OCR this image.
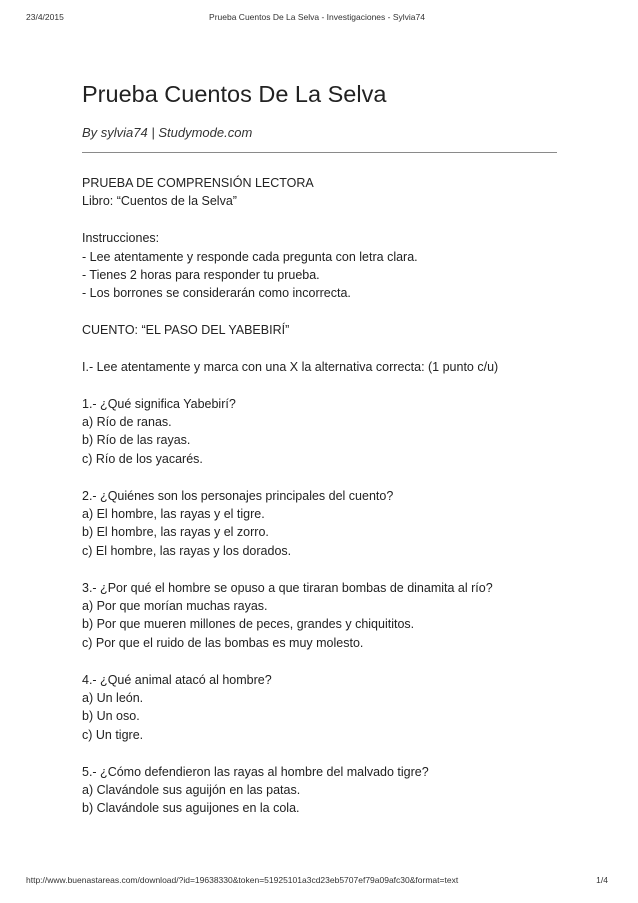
23/4/2015	Prueba Cuentos De La Selva - Investigaciones - Sylvia74
Prueba Cuentos De La Selva
By sylvia74 | Studymode.com
PRUEBA DE COMPRENSIÓN LECTORA
Libro: “Cuentos de la Selva”
Instrucciones:
- Lee atentamente y responde cada pregunta con letra clara.
- Tienes 2 horas para responder tu prueba.
- Los borrones se considerarán como incorrecta.
CUENTO: “EL PASO DEL YABEBIRÍ”
I.- Lee atentamente y marca con una X la alternativa correcta: (1 punto c/u)
1.- ¿Qué significa Yabebirí?
a) Río de ranas.
b) Río de las rayas.
c) Río de los yacarés.
2.- ¿Quiénes son los personajes principales del cuento?
a) El hombre, las rayas y el tigre.
b) El hombre, las rayas y el zorro.
c) El hombre, las rayas y los dorados.
3.- ¿Por qué el hombre se opuso a que tiraran bombas de dinamita al río?
a) Por que morían muchas rayas.
b) Por que mueren millones de peces, grandes y chiquititos.
c) Por que el ruido de las bombas es muy molesto.
4.- ¿Qué animal atacó al hombre?
a) Un león.
b) Un oso.
c) Un tigre.
5.- ¿Cómo defendieron las rayas al hombre del malvado tigre?
a) Clavándole sus aguijón en las patas.
b) Clavándole sus aguijones en la cola.
http://www.buenastareas.com/download/?id=19638330&token=51925101a3cd23eb5707ef79a09afc30&format=text	1/4
